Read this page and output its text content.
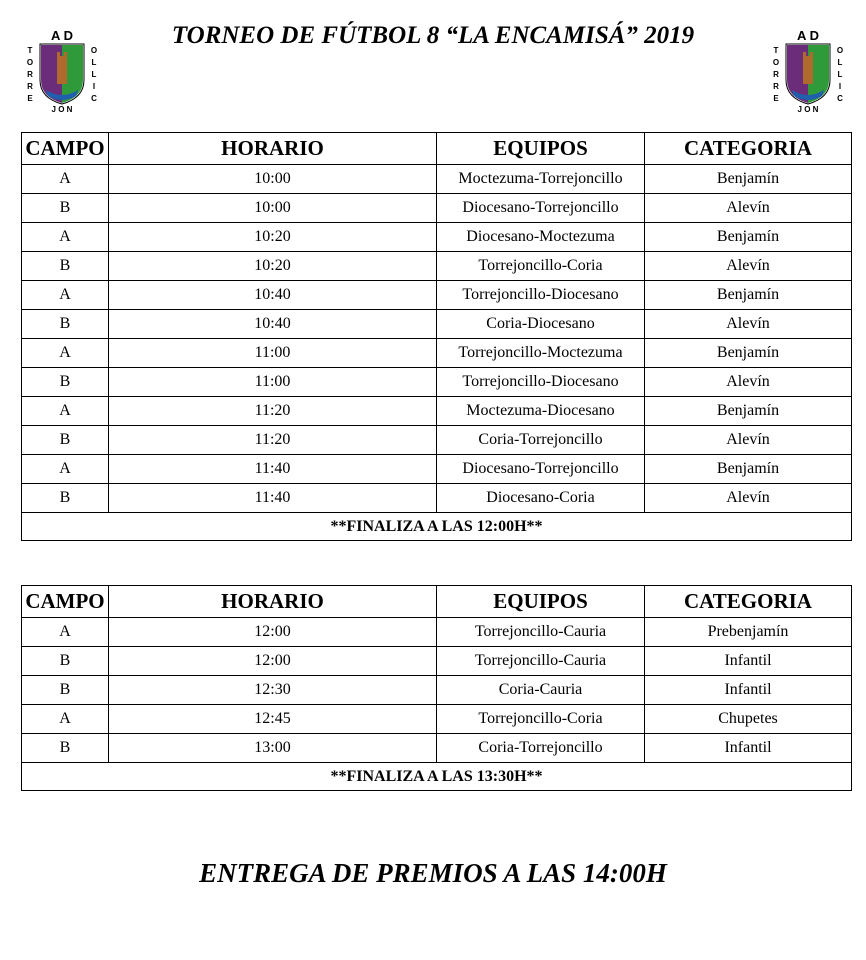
TORNEO DE FÚTBOL 8 “LA ENCAMISÁ” 2019
A D
T
O
R
R
E
O
L
L
I
C
J O N
A D
T
O
R
R
E
O
L
L
I
C
J O N
CAMPO	HORARIO	EQUIPOS	CATEGORIA
A	10:00	Moctezuma-Torrejoncillo	Benjamín
B	10:00	Diocesano-Torrejoncillo	Alevín
A	10:20	Diocesano-Moctezuma	Benjamín
B	10:20	Torrejoncillo-Coria	Alevín
A	10:40	Torrejoncillo-Diocesano	Benjamín
B	10:40	Coria-Diocesano	Alevín
A	11:00	Torrejoncillo-Moctezuma	Benjamín
B	11:00	Torrejoncillo-Diocesano	Alevín
A	11:20	Moctezuma-Diocesano	Benjamín
B	11:20	Coria-Torrejoncillo	Alevín
A	11:40	Diocesano-Torrejoncillo	Benjamín
B	11:40	Diocesano-Coria	Alevín
**FINALIZA A LAS 12:00H**			
CAMPO	HORARIO	EQUIPOS	CATEGORIA
A	12:00	Torrejoncillo-Cauria	Prebenjamín
B	12:00	Torrejoncillo-Cauria	Infantil
B	12:30	Coria-Cauria	Infantil
A	12:45	Torrejoncillo-Coria	Chupetes
B	13:00	Coria-Torrejoncillo	Infantil
**FINALIZA A LAS 13:30H**			
ENTREGA DE PREMIOS A LAS 14:00H
